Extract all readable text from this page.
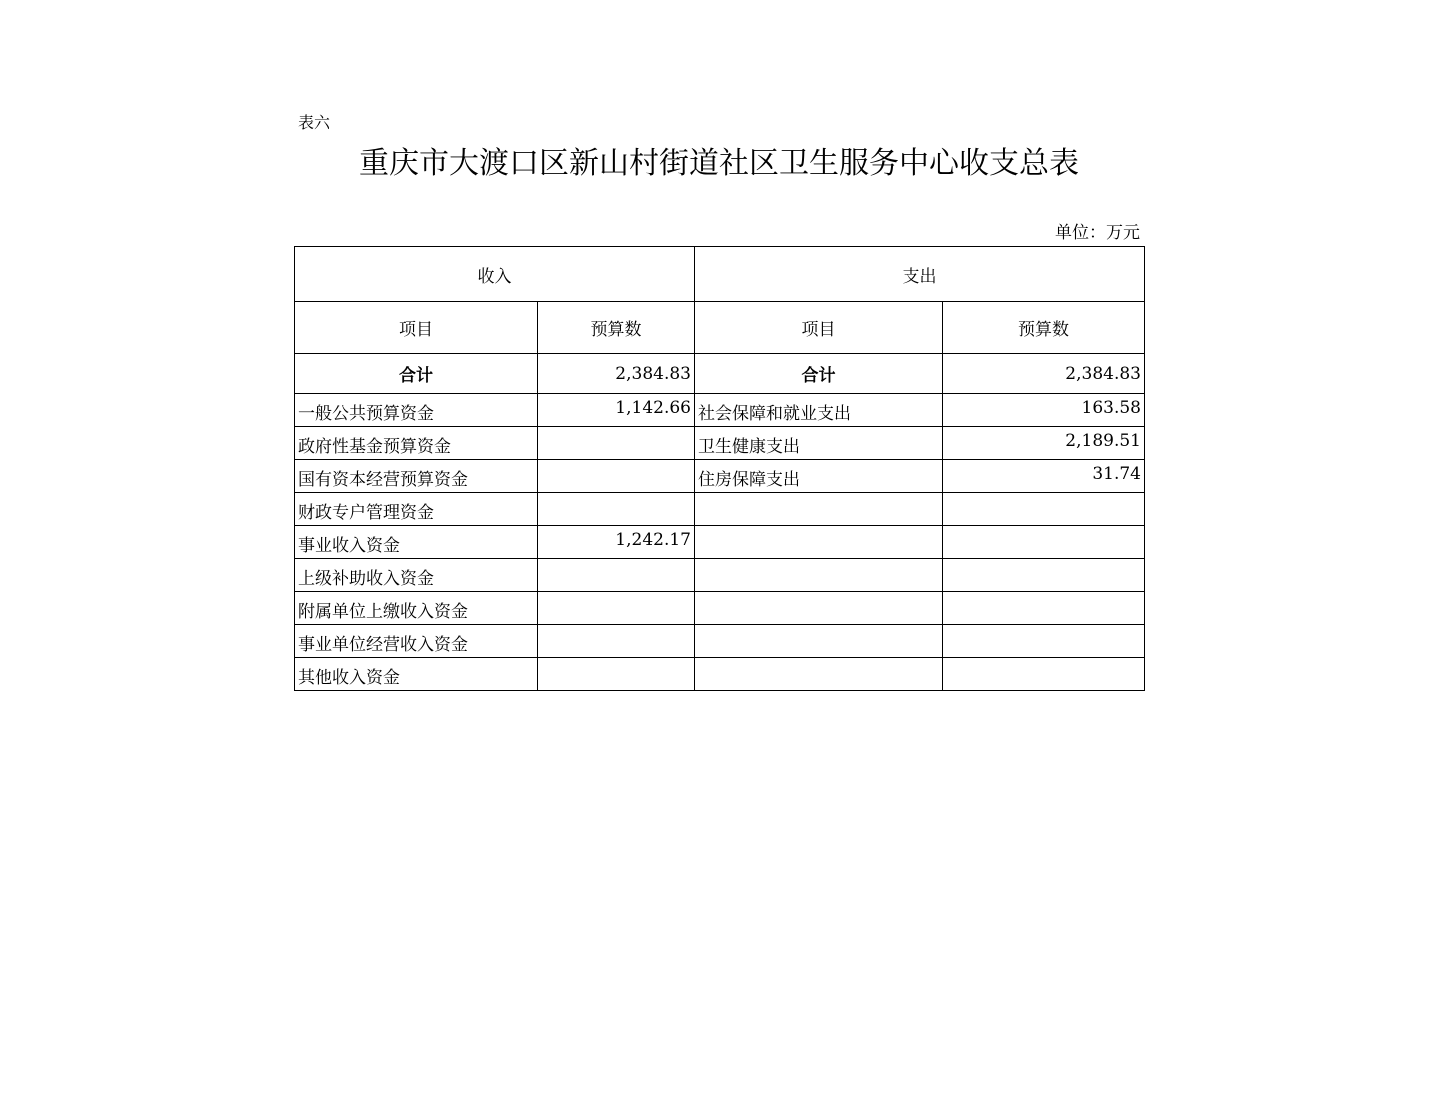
表六
重庆市大渡口区新山村街道社区卫生服务中心收支总表
单位：万元
收入		支出	
项目	预算数	项目	预算数
合计	2,384.83	合计	2,384.83
一般公共预算资金	1,142.66	社会保障和就业支出	163.58
政府性基金预算资金		卫生健康支出	2,189.51
国有资本经营预算资金		住房保障支出	31.74
财政专户管理资金			
事业收入资金	1,242.17		
上级补助收入资金			
附属单位上缴收入资金			
事业单位经营收入资金			
其他收入资金			
